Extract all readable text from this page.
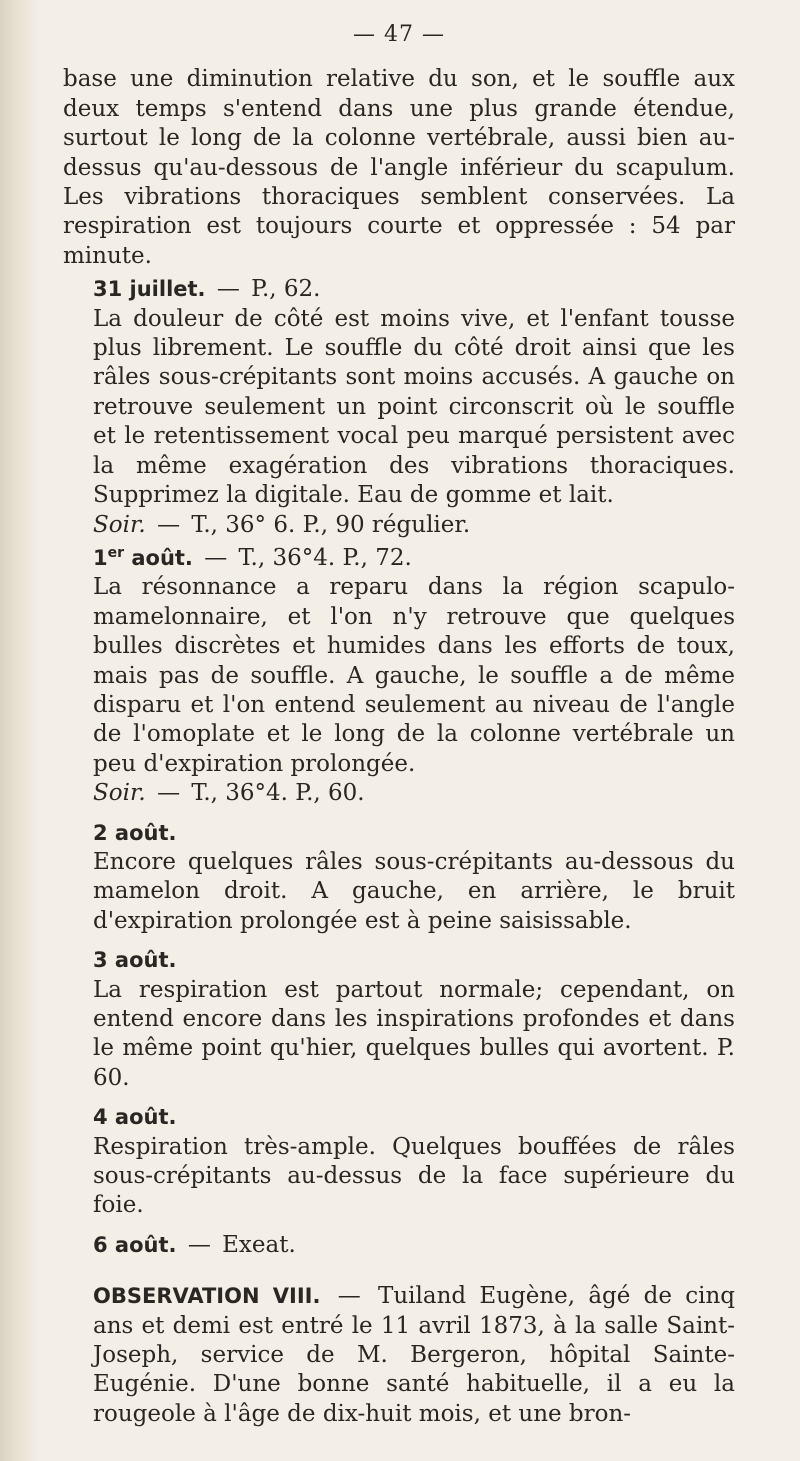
— 47 —

base une diminution relative du son, et le souffle aux deux temps s'entend dans une plus grande étendue, surtout le long de la colonne vertébrale, aussi bien au-dessus qu'au-dessous de l'angle inférieur du scapulum. Les vibrations thoraciques semblent conservées. La respiration est toujours courte et oppressée : 54 par minute.

31 juillet. — P., 62.

La douleur de côté est moins vive, et l'enfant tousse plus librement. Le souffle du côté droit ainsi que les râles sous-crépitants sont moins accusés. A gauche on retrouve seulement un point circonscrit où le souffle et le retentissement vocal peu marqué persistent avec la même exagération des vibrations thoraciques. Supprimez la digitale. Eau de gomme et lait.

Soir. — T., 36° 6. P., 90 régulier.

1er août. — T., 36°4. P., 72.

La résonnance a reparu dans la région scapulo-mamelonnaire, et l'on n'y retrouve que quelques bulles discrètes et humides dans les efforts de toux, mais pas de souffle. A gauche, le souffle a de même disparu et l'on entend seulement au niveau de l'angle de l'omoplate et le long de la colonne vertébrale un peu d'expiration prolongée.

Soir. — T., 36°4. P., 60.

2 août.

Encore quelques râles sous-crépitants au-dessous du mamelon droit. A gauche, en arrière, le bruit d'expiration prolongée est à peine saisissable.

3 août.

La respiration est partout normale; cependant, on entend encore dans les inspirations profondes et dans le même point qu'hier, quelques bulles qui avortent. P. 60.

4 août.

Respiration très-ample. Quelques bouffées de râles sous-crépitants au-dessus de la face supérieure du foie.

6 août. — Exeat.

OBSERVATION VIII. — Tuiland Eugène, âgé de cinq ans et demi est entré le 11 avril 1873, à la salle Saint-Joseph, service de M. Bergeron, hôpital Sainte-Eugénie. D'une bonne santé habituelle, il a eu la rougeole à l'âge de dix-huit mois, et une bron-
